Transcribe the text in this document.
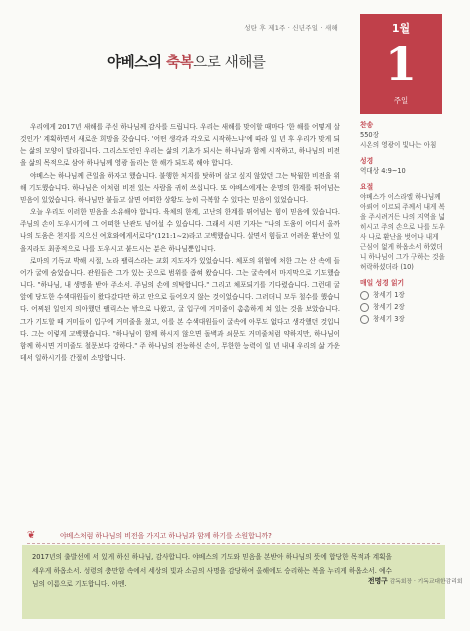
성탄 후 제1주 · 신년주일 · 새해
야베스의 축복으로 새해를
1월
1
주일

우리에게 2017년 새해를 주신 하나님께 감사를 드립니다. 우리는 새해를 맞이할 때마다 '한 해를 어떻게 살 것인가' 계획하면서 새로운 희망을 갖습니다. '어떤 생각과 각오로 시작하느냐'에 따라 일 년 후 우리가 맞게 되는 삶의 모양이 달라집니다. 그리스도인인 우리는 삶의 기초가 되시는 하나님과 함께 시작하고, 하나님의 비전을 삶의 목적으로 삼아 하나님께 영광 돌리는 한 해가 되도록 해야 합니다.

야베스는 하나님께 큰일을 하자고 했습니다. 불행한 처지를 탓하며 살고 싶지 않았던 그는 탁월한 비전을 위해 기도했습니다. 하나님은 이처럼 비전 있는 사람을 귀히 쓰십니다. 또 야베스에게는 운명의 한계를 뛰어넘는 믿음이 있었습니다. 하나님만 붙들고 살면 어떠한 상황도 능히 극복할 수 있다는 믿음이 있었습니다.

오늘 우리도 이러한 믿음을 소유해야 합니다. 육체의 한계, 고난의 한계를 뛰어넘는 힘이 믿음에 있습니다. 주님의 손이 도우시기에 그 어떠한 난관도 넘어설 수 있습니다. 그래서 시편 기자는 "나의 도움이 어디서 올까 나의 도움은 천지를 지으신 여호와에게서로다"(121:1~2)라고 고백했습니다. 살면서 힘들고 어려운 환난이 있을지라도 최종적으로 나를 도우시고 붙드시는 분은 하나님뿐입니다.

로마의 기독교 박해 시절, 노라 팰릭스라는 교회 지도자가 있었습니다. 체포의 위협에 처한 그는 산 속에 들어가 굴에 숨었습니다. 관원들은 그가 있는 곳으로 범위를 좁혀 왔습니다. 그는 굴속에서 마지막으로 기도했습니다. "하나님, 내 생명을 받아 주소서. 주님의 손에 의탁합니다." 그리고 체포되기를 기다렸습니다. 그런데 굴 앞에 당도한 수색대원들이 왔다갔다만 하고 안으로 들어오지 않는 것이었습니다. 그러더니 모두 철수를 했습니다. 어찌된 일인지 의아했던 팰릭스는 밖으로 나왔고, 굴 입구에 거미줄이 촘촘하게 쳐 있는 것을 보았습니다. 그가 기도할 때 거미들이 입구에 거미줄을 쳤고, 이를 본 수색대원들이 굴속에 아무도 없다고 생각했던 것입니다. 그는 이렇게 고백했습니다. "하나님이 함께 하시지 않으면 돌벽과 쇠문도 거미줄처럼 약하지만, 하나님이 함께 하시면 거미줄도 철문보다 강하다." 주 하나님의 전능하신 손이, 무한한 능력이 일 년 내내 우리의 삶 가운데서 일하시기를 간절히 소망합니다.

찬송
550장
시온의 영광이 빛나는 아침
성경
역대상 4:9~10
요절
야베스가 이스라엘 하나님께 아뢰어 이르되 주께서 내게 복을 주시려거든 나의 지역을 넓히시고 주의 손으로 나를 도우사 나로 환난을 벗어나 내게 근심이 없게 하옵소서 하였더니 하나님이 그가 구하는 것을 허락하셨더라 (10)
매일 성경 읽기
창세기 1장
창세기 2장
창세기 3장
❦	야베스처럼 하나님의 비전을 가지고 하나님과 함께 하기를 소원합니까?
2017년의 출발선에 서 있게 하신 하나님, 감사합니다. 야베스의 기도와 믿음을 본받아 하나님의 뜻에 합당한 목적과 계획을 세우게 하옵소서. 성령의 충만함 속에서 세상의 빛과 소금의 사명을 감당하여 올해에도 승리하는 복을 누리게 하옵소서. 예수님의 이름으로 기도합니다. 아멘.	전명구 감독회장 · 기독교대한감리회
